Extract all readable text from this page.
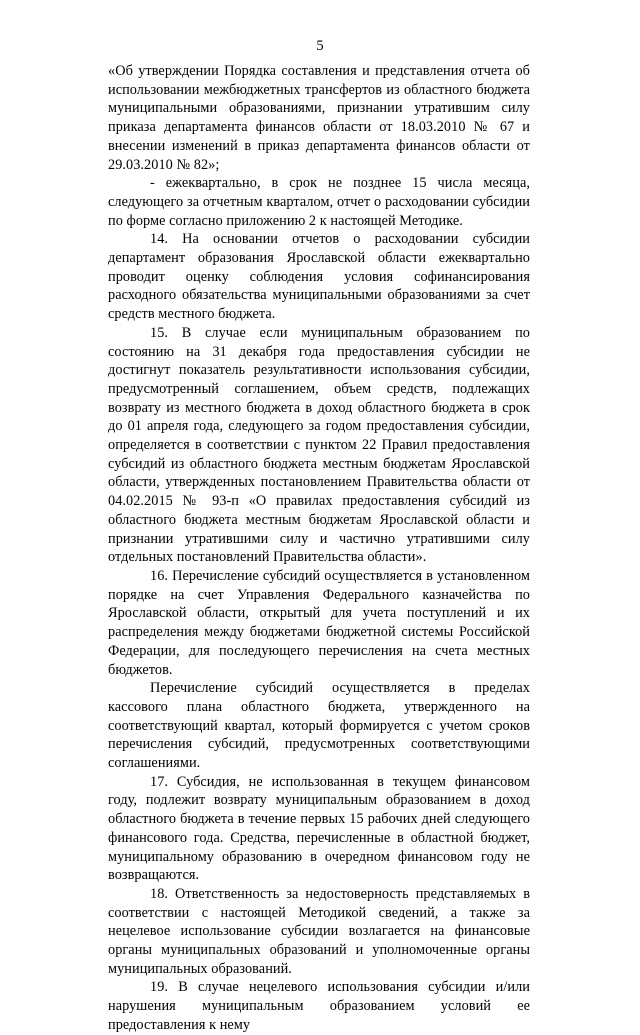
5

«Об утверждении Порядка составления и представления отчета об использовании межбюджетных трансфертов из областного бюджета муниципальными образованиями, признании утратившим силу приказа департамента финансов области от 18.03.2010 № 67 и внесении изменений в приказ департамента финансов области от 29.03.2010 № 82»;

- ежеквартально, в срок не позднее 15 числа месяца, следующего за отчетным кварталом, отчет о расходовании субсидии по форме согласно приложению 2 к настоящей Методике.

14. На основании отчетов о расходовании субсидии департамент образования Ярославской области ежеквартально проводит оценку соблюдения условия софинансирования расходного обязательства муниципальными образованиями за счет средств местного бюджета.

15. В случае если муниципальным образованием по состоянию на 31 декабря года предоставления субсидии не достигнут показатель результативности использования субсидии, предусмотренный соглашением, объем средств, подлежащих возврату из местного бюджета в доход областного бюджета в срок до 01 апреля года, следующего за годом предоставления субсидии, определяется в соответствии с пунктом 22 Правил предоставления субсидий из областного бюджета местным бюджетам Ярославской области, утвержденных постановлением Правительства области от 04.02.2015 № 93-п «О правилах предоставления субсидий из областного бюджета местным бюджетам Ярославской области и признании утратившими силу и частично утратившими силу отдельных постановлений Правительства области».

16. Перечисление субсидий осуществляется в установленном порядке на счет Управления Федерального казначейства по Ярославской области, открытый для учета поступлений и их распределения между бюджетами бюджетной системы Российской Федерации, для последующего перечисления на счета местных бюджетов.

Перечисление субсидий осуществляется в пределах кассового плана областного бюджета, утвержденного на соответствующий квартал, который формируется с учетом сроков перечисления субсидий, предусмотренных соответствующими соглашениями.

17. Субсидия, не использованная в текущем финансовом году, подлежит возврату муниципальным образованием в доход областного бюджета в течение первых 15 рабочих дней следующего финансового года. Средства, перечисленные в областной бюджет, муниципальному образованию в очередном финансовом году не возвращаются.

18. Ответственность за недостоверность представляемых в соответствии с настоящей Методикой сведений, а также за нецелевое использование субсидии возлагается на финансовые органы муниципальных образований и уполномоченные органы муниципальных образований.

19. В случае нецелевого использования субсидии и/или нарушения муниципальным образованием условий ее предоставления к нему
